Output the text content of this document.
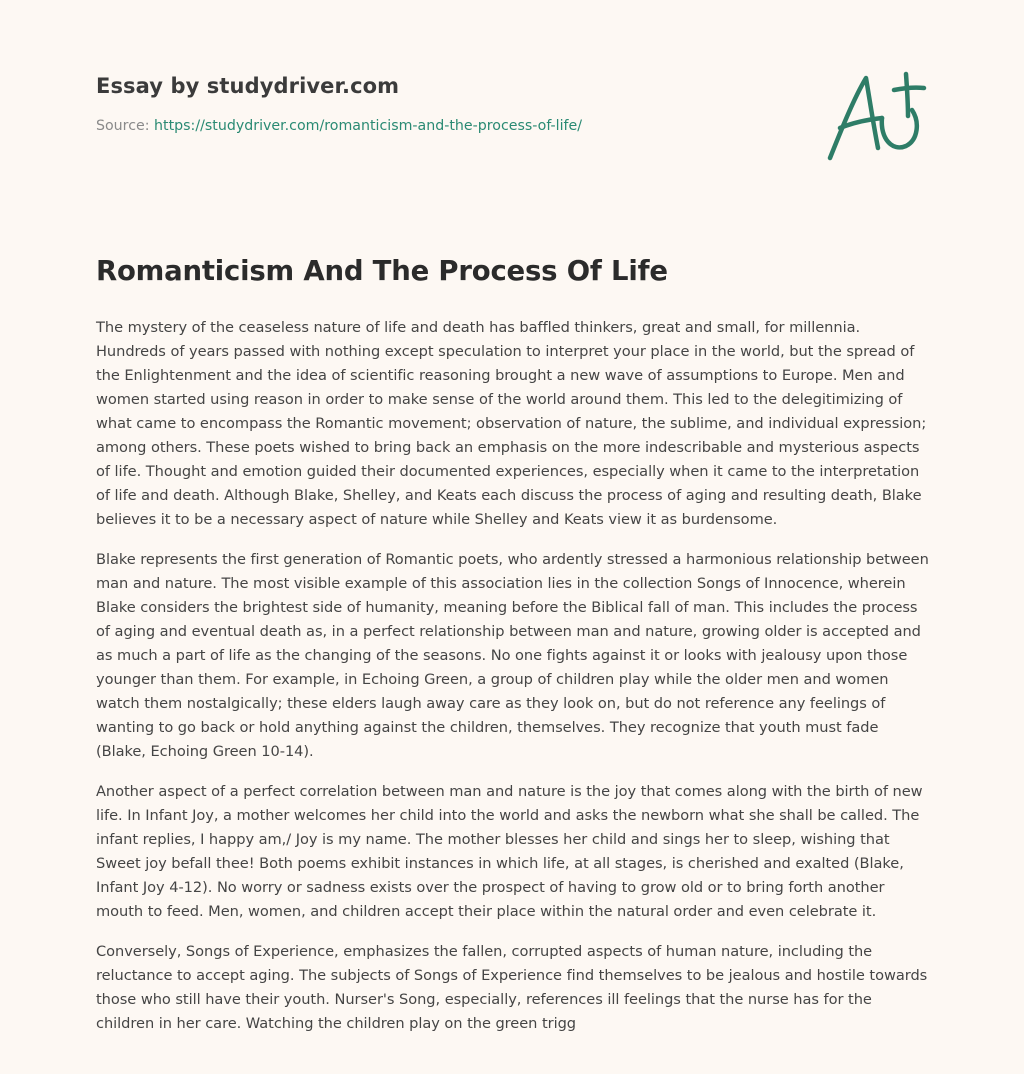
Essay by studydriver.com
Source: https://studydriver.com/romanticism-and-the-process-of-life/
Romanticism And The Process Of Life

The mystery of the ceaseless nature of life and death has baffled thinkers, great and small, for millennia. Hundreds of years passed with nothing except speculation to interpret your place in the world, but the spread of the Enlightenment and the idea of scientific reasoning brought a new wave of assumptions to Europe. Men and women started using reason in order to make sense of the world around them. This led to the delegitimizing of what came to encompass the Romantic movement; observation of nature, the sublime, and individual expression; among others. These poets wished to bring back an emphasis on the more indescribable and mysterious aspects of life. Thought and emotion guided their documented experiences, especially when it came to the interpretation of life and death. Although Blake, Shelley, and Keats each discuss the process of aging and resulting death, Blake believes it to be a necessary aspect of nature while Shelley and Keats view it as burdensome.

Blake represents the first generation of Romantic poets, who ardently stressed a harmonious relationship between man and nature. The most visible example of this association lies in the collection Songs of Innocence, wherein Blake considers the brightest side of humanity, meaning before the Biblical fall of man. This includes the process of aging and eventual death as, in a perfect relationship between man and nature, growing older is accepted and as much a part of life as the changing of the seasons. No one fights against it or looks with jealousy upon those younger than them. For example, in Echoing Green, a group of children play while the older men and women watch them nostalgically; these elders laugh away care as they look on, but do not reference any feelings of wanting to go back or hold anything against the children, themselves. They recognize that youth must fade (Blake, Echoing Green 10-14).

Another aspect of a perfect correlation between man and nature is the joy that comes along with the birth of new life. In Infant Joy, a mother welcomes her child into the world and asks the newborn what she shall be called. The infant replies, I happy am,/ Joy is my name. The mother blesses her child and sings her to sleep, wishing that Sweet joy befall thee! Both poems exhibit instances in which life, at all stages, is cherished and exalted (Blake, Infant Joy 4-12). No worry or sadness exists over the prospect of having to grow old or to bring forth another mouth to feed. Men, women, and children accept their place within the natural order and even celebrate it.

Conversely, Songs of Experience, emphasizes the fallen, corrupted aspects of human nature, including the reluctance to accept aging. The subjects of Songs of Experience find themselves to be jealous and hostile towards those who still have their youth. Nurser's Song, especially, references ill feelings that the nurse has for the children in her care. Watching the children play on the green trigg
